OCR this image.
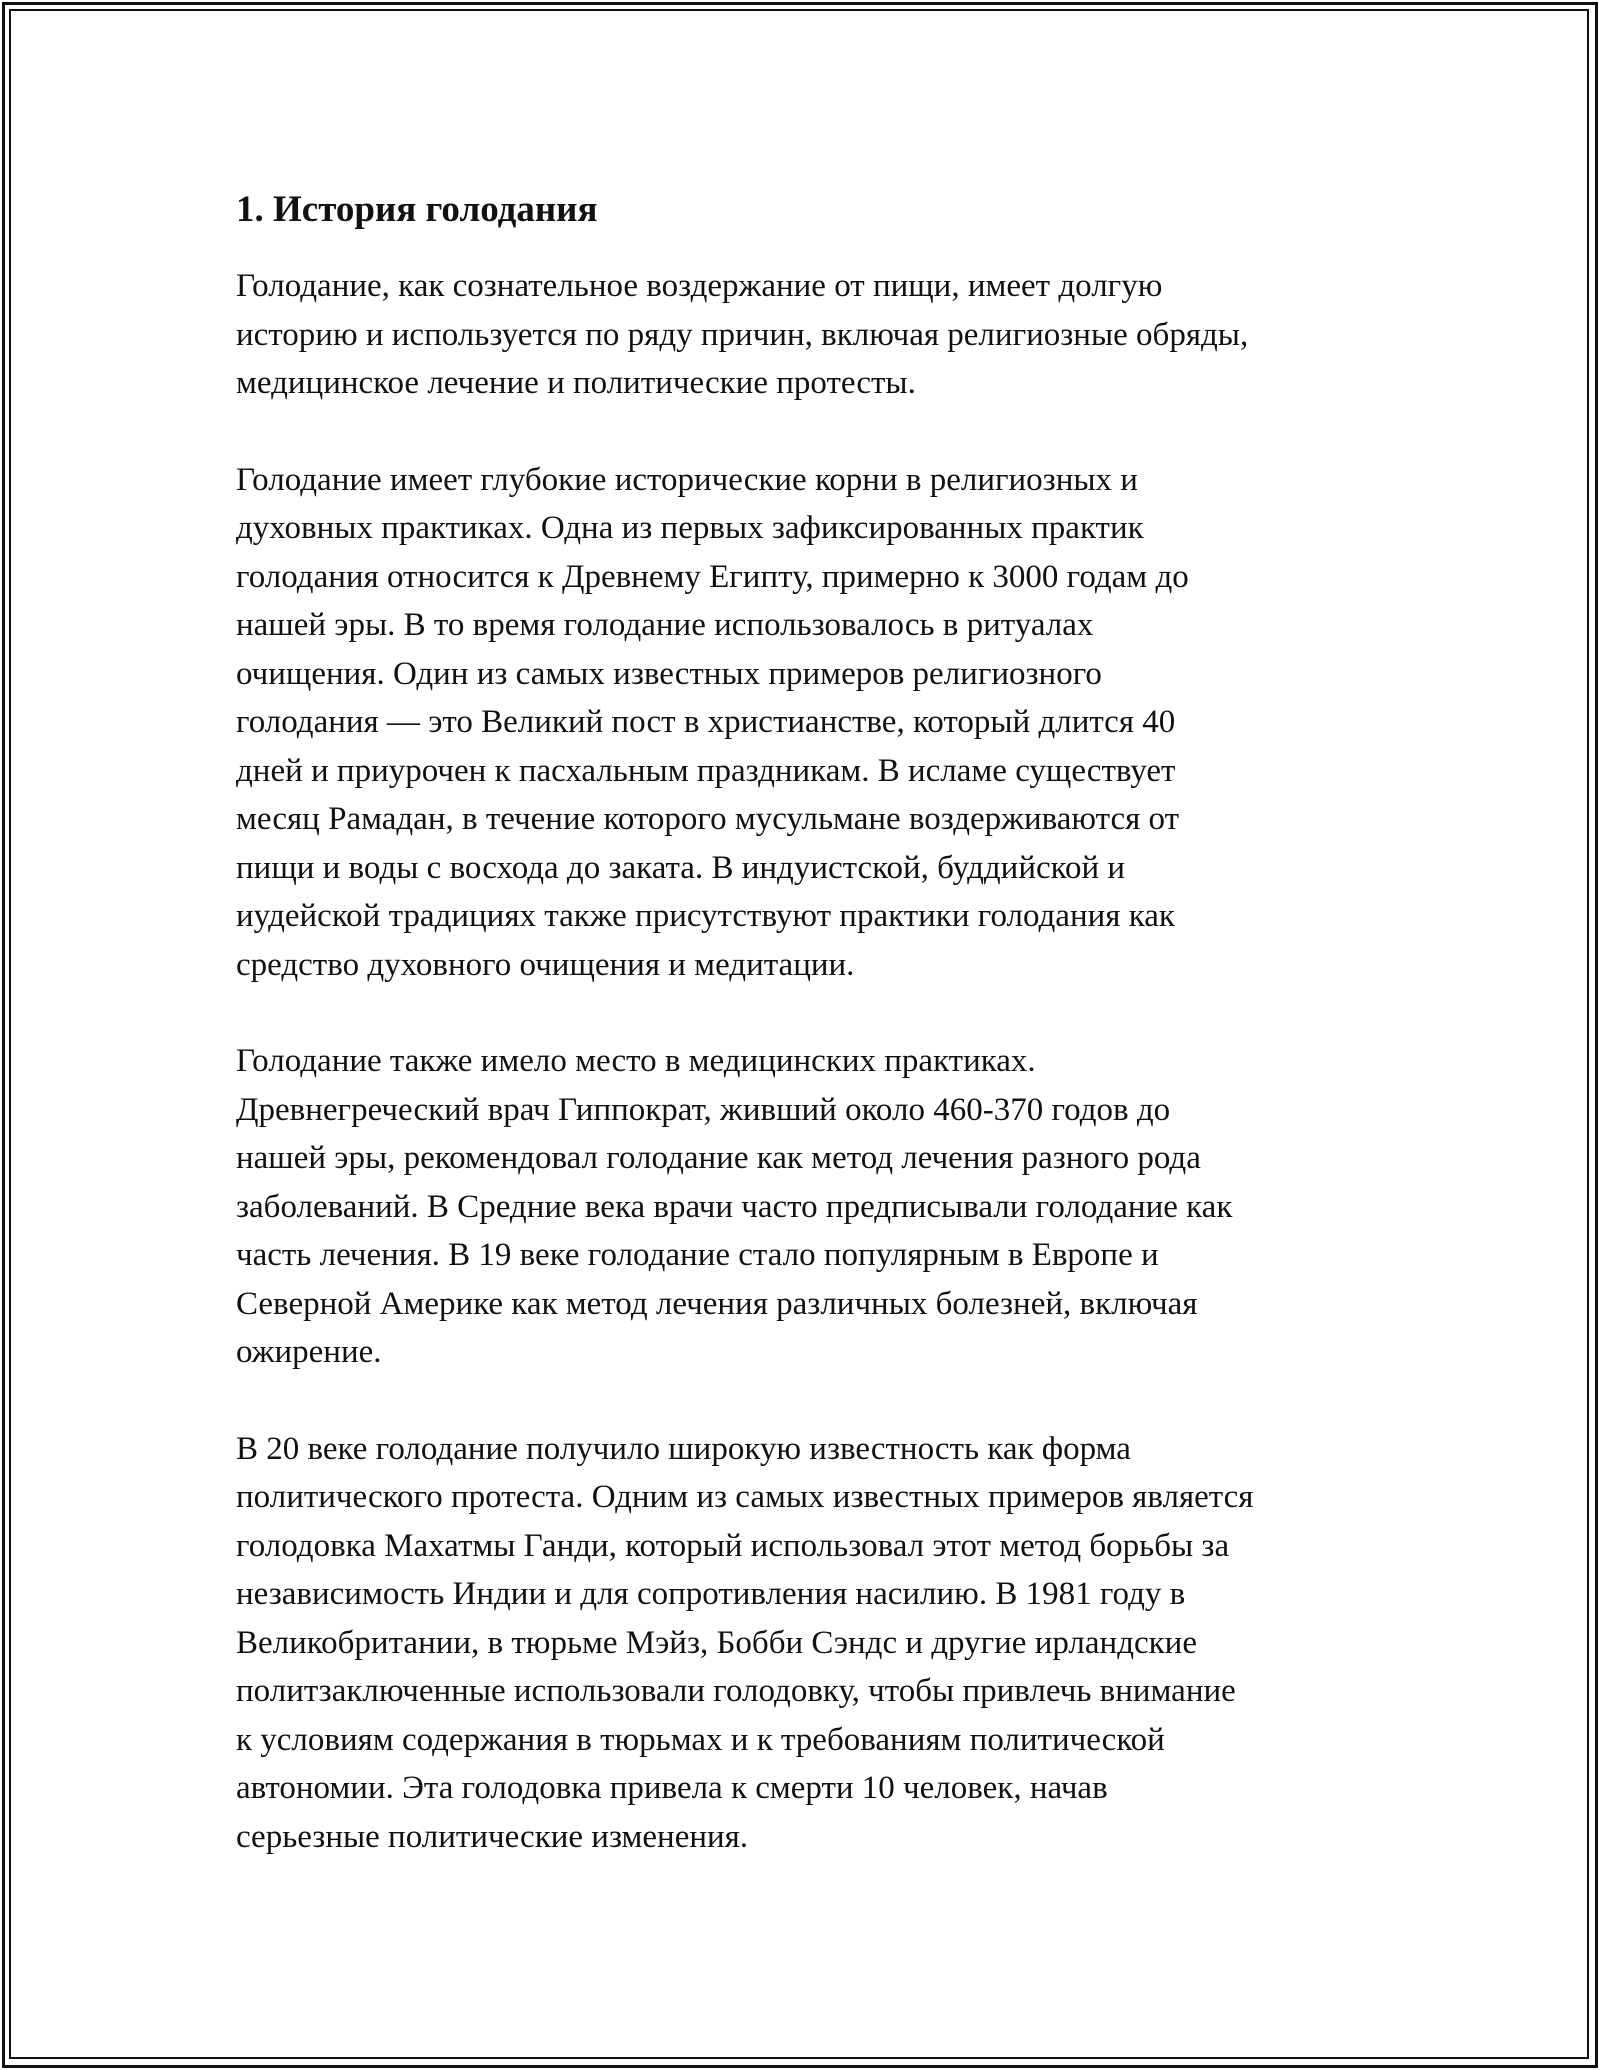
1. История голодания

Голодание, как сознательное воздержание от пищи, имеет долгую
историю и используется по ряду причин, включая религиозные обряды,
медицинское лечение и политические протесты.

Голодание имеет глубокие исторические корни в религиозных и
духовных практиках. Одна из первых зафиксированных практик
голодания относится к Древнему Египту, примерно к 3000 годам до
нашей эры. В то время голодание использовалось в ритуалах
очищения. Один из самых известных примеров религиозного
голодания — это Великий пост в христианстве, который длится 40
дней и приурочен к пасхальным праздникам. В исламе существует
месяц Рамадан, в течение которого мусульмане воздерживаются от
пищи и воды с восхода до заката. В индуистской, буддийской и
иудейской традициях также присутствуют практики голодания как
средство духовного очищения и медитации.

Голодание также имело место в медицинских практиках.
Древнегреческий врач Гиппократ, живший около 460-370 годов до
нашей эры, рекомендовал голодание как метод лечения разного рода
заболеваний. В Средние века врачи часто предписывали голодание как
часть лечения. В 19 веке голодание стало популярным в Европе и
Северной Америке как метод лечения различных болезней, включая
ожирение.

В 20 веке голодание получило широкую известность как форма
политического протеста. Одним из самых известных примеров является
голодовка Махатмы Ганди, который использовал этот метод борьбы за
независимость Индии и для сопротивления насилию. В 1981 году в
Великобритании, в тюрьме Мэйз, Бобби Сэндс и другие ирландские
политзаключенные использовали голодовку, чтобы привлечь внимание
к условиям содержания в тюрьмах и к требованиям политической
автономии. Эта голодовка привела к смерти 10 человек, начав
серьезные политические изменения.
